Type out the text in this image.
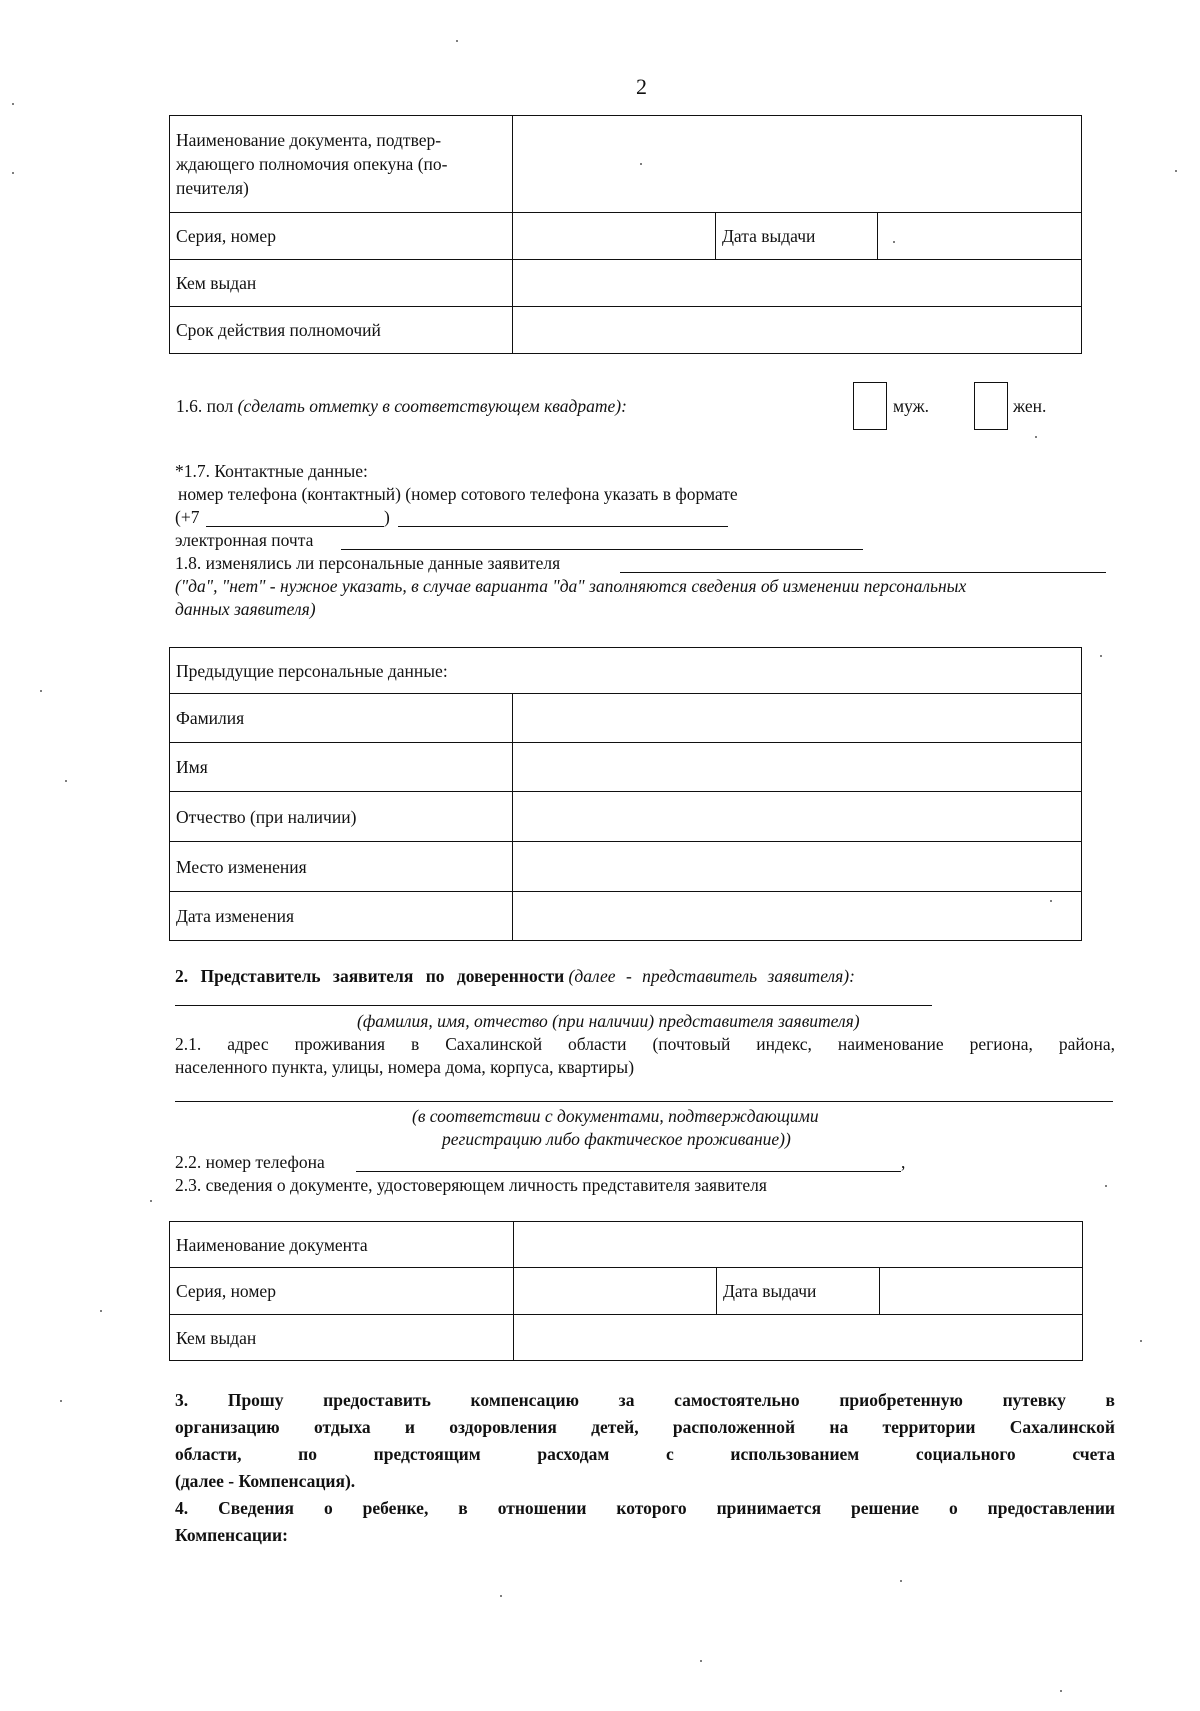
2
Наименование документа, подтвер-
ждающего полномочия опекуна (по-
печителя)			

Серия, номер		Дата выдачи	
Кем выдан			
Срок действия полномочий			
1.6. пол (сделать отметку в соответствующем квадрате):	муж.	жен.
*1.7. Контактные данные:
номер телефона (контактный) (номер сотового телефона указать в формате
(+7	)
электронная почта
1.8. изменялись ли персональные данные заявителя
("да", "нет" - нужное указать, в случае варианта "да" заполняются сведения об изменении персональных
данных заявителя)
Предыдущие персональные данные:	
Фамилия	
Имя	
Отчество (при наличии)	
Место изменения	
Дата изменения	
2. Представитель заявителя по доверенности (далее - представитель заявителя):
(фамилия, имя, отчество (при наличии) представителя заявителя)
2.1. адрес проживания в Сахалинской области (почтовый индекс, наименование региона, района,
населенного пункта, улицы, номера дома, корпуса, квартиры)
(в соответствии с документами, подтверждающими
регистрацию либо фактическое проживание))
2.2. номер телефона	,
2.3. сведения о документе, удостоверяющем личность представителя заявителя
Наименование документа			
Серия, номер		Дата выдачи	
Кем выдан			
3. Прошу предоставить компенсацию за самостоятельно приобретенную путевку в
организацию отдыха и оздоровления детей, расположенной на территории Сахалинской
области, по предстоящим расходам с использованием социального счета
(далее - Компенсация).
4. Сведения о ребенке, в отношении которого принимается решение о предоставлении
Компенсации:
